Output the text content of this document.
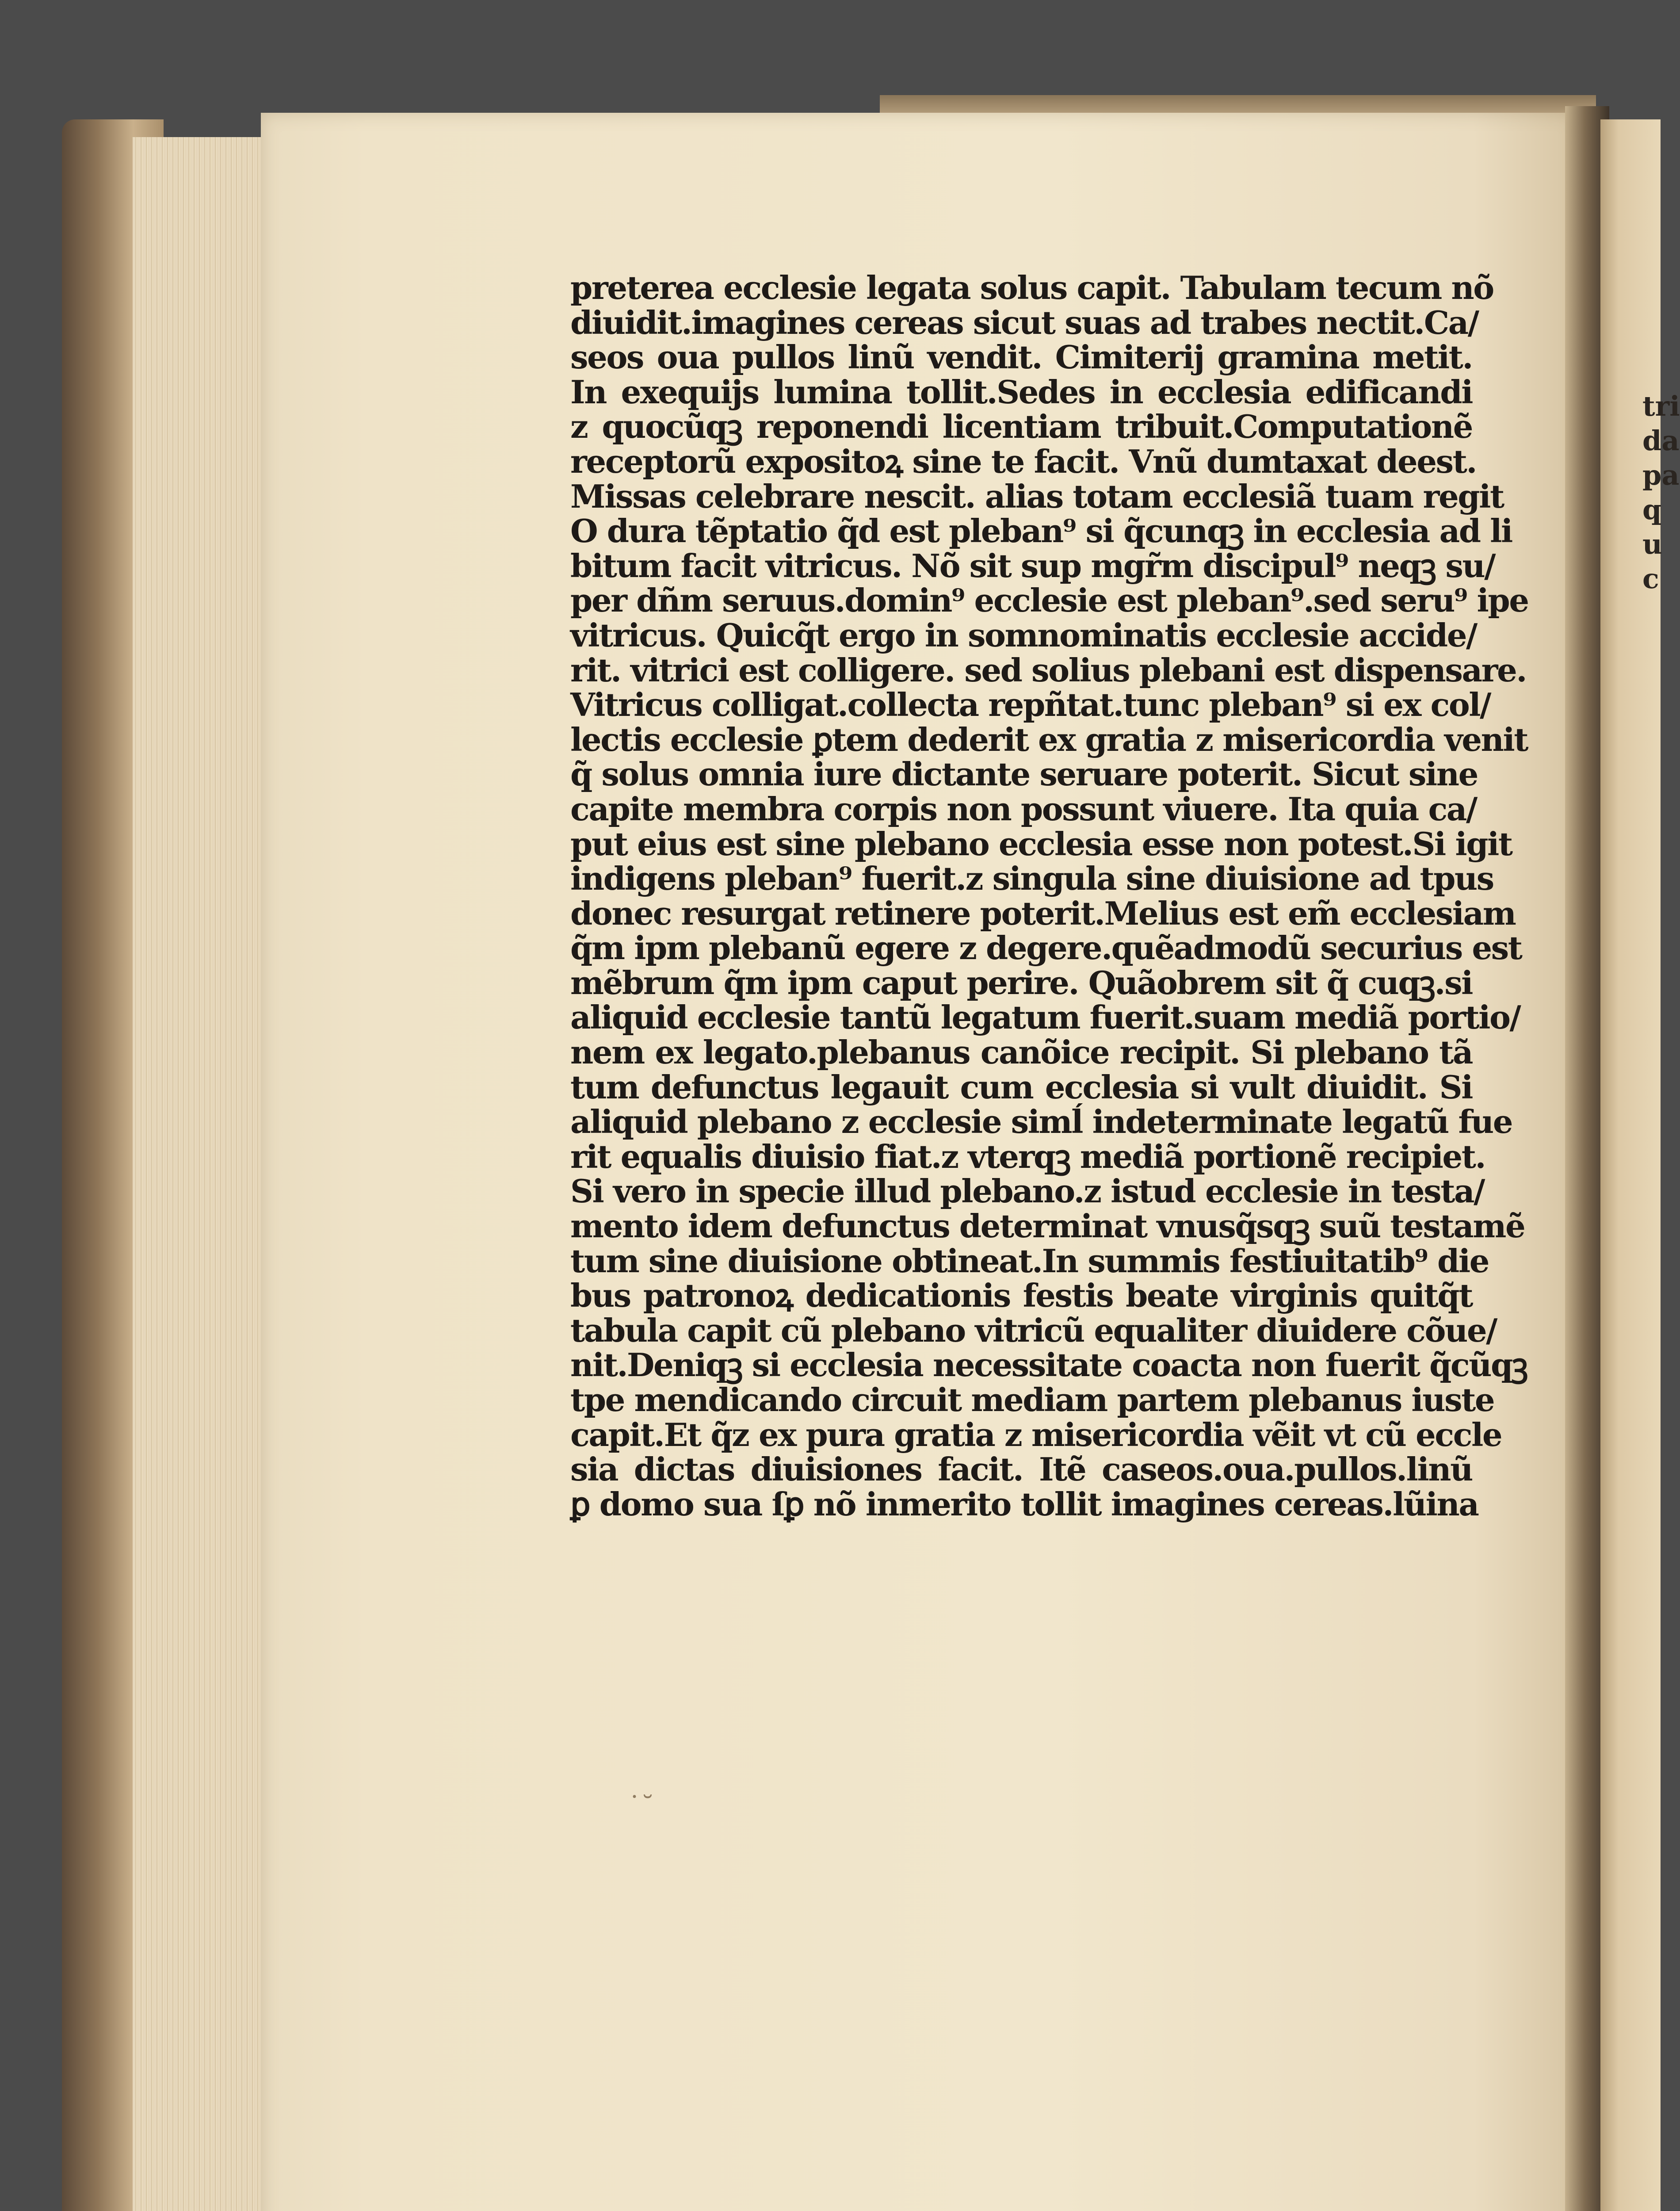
tri
da
pa
q
u
c
preterea ecclesie legata solus capit. Tabulam tecum nõ
diuidit.imagines cereas sicut suas ad trabes nectit.Ca/
seos oua pullos linũ vendit. Cimiterij gramina metit.
In exequijs lumina tollit.Sedes in ecclesia edificandi
z quocũqꝫ reponendi licentiam tribuit.Computationẽ
receptorũ expositoꝝ sine te facit. Vnũ dumtaxat deest.
Missas celebrare nescit. alias totam ecclesiã tuam regit
O dura tẽptatio q̃d est pleban⁹ si q̃cunqꝫ in ecclesia ad li
bitum facit vitricus. Nõ sit sup mgr̃m discipul⁹ neqꝫ su/
per dñm seruus.domin⁹ ecclesie est pleban⁹.sed seru⁹ ipe
vitricus. Quicq̃t ergo in somnominatis ecclesie accide/
rit. vitrici est colligere. sed solius plebani est dispensare.
Vitricus colligat.collecta repñtat.tunc pleban⁹ si ex col/
lectis ecclesie ꝑtem dederit ex gratia z misericordia venit
q̃ solus omnia iure dictante seruare poterit. Sicut sine
capite membra corpis non possunt viuere. Ita quia ca/
put eius est sine plebano ecclesia esse non potest.Si igit
indigens pleban⁹ fuerit.z singula sine diuisione ad tpus
donec resurgat retinere poterit.Melius est em̃ ecclesiam
q̃m ipm plebanũ egere z degere.quẽadmodũ securius est
mẽbrum q̃m ipm caput perire. Quãobrem sit q̃ cuqꝫ.si
aliquid ecclesie tantũ legatum fuerit.suam mediã portio/
nem ex legato.plebanus canõice recipit. Si plebano tã
tum defunctus legauit cum ecclesia si vult diuidit. Si
aliquid plebano z ecclesie simĺ indeterminate legatũ fue
rit equalis diuisio fiat.z vterqꝫ mediã portionẽ recipiet.
Si vero in specie illud plebano.z istud ecclesie in testa/
mento idem defunctus determinat vnusq̃sqꝫ suũ testamẽ
tum sine diuisione obtineat.In summis festiuitatib⁹ die
bus patronoꝝ dedicationis festis beate virginis quitq̃t
tabula capit cũ plebano vitricũ equaliter diuidere cõue/
nit.Deniqꝫ si ecclesia necessitate coacta non fuerit q̃cũqꝫ
tpe mendicando circuit mediam partem plebanus iuste
capit.Et q̃z ex pura gratia z misericordia vẽit vt cũ eccle
sia dictas diuisiones facit. Itẽ caseos.oua.pullos.linũ
ꝑ domo sua ſꝑ nõ inmerito tollit imagines cereas.lũina
˙˘
